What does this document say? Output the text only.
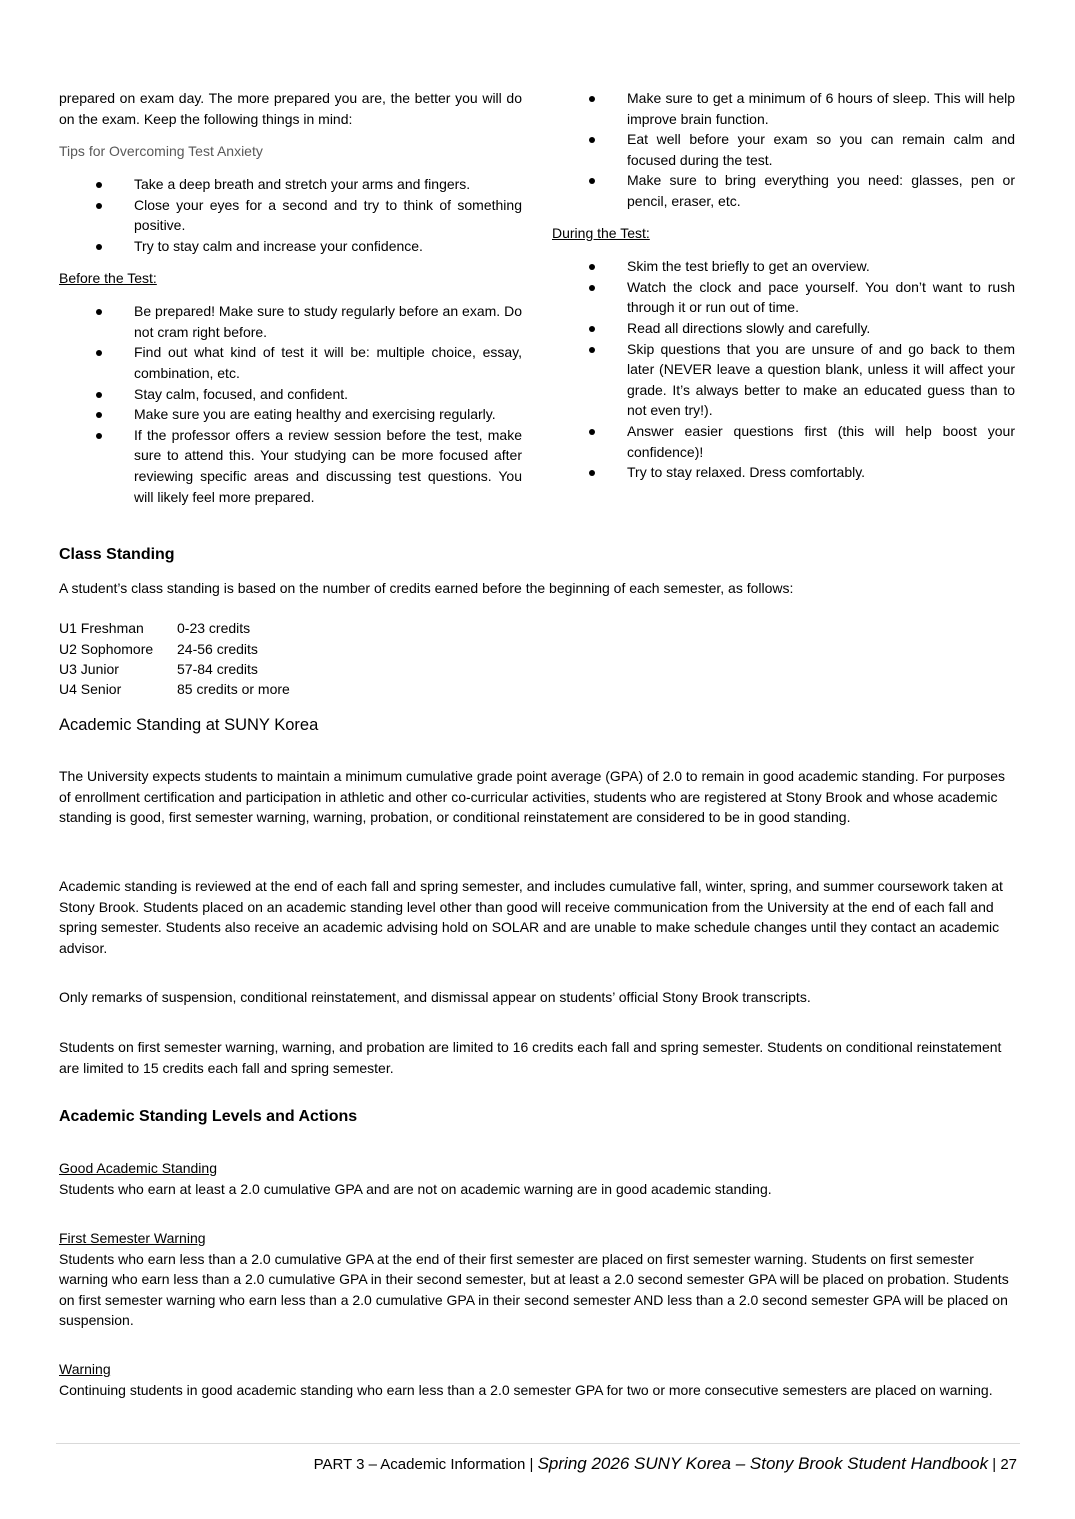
prepared on exam day. The more prepared you are, the better you will do on the exam. Keep the following things in mind:

Tips for Overcoming Test Anxiety

Take a deep breath and stretch your arms and fingers.
Close your eyes for a second and try to think of something positive.
Try to stay calm and increase your confidence.

Before the Test:

Be prepared! Make sure to study regularly before an exam. Do not cram right before.
Find out what kind of test it will be: multiple choice, essay, combination, etc.
Stay calm, focused, and confident.
Make sure you are eating healthy and exercising regularly.
If the professor offers a review session before the test, make sure to attend this. Your studying can be more focused after reviewing specific areas and discussing test questions. You will likely feel more prepared.
Make sure to get a minimum of 6 hours of sleep. This will help improve brain function.
Eat well before your exam so you can remain calm and focused during the test.
Make sure to bring everything you need: glasses, pen or pencil, eraser, etc.

During the Test:

Skim the test briefly to get an overview.
Watch the clock and pace yourself. You don’t want to rush through it or run out of time.
Read all directions slowly and carefully.
Skip questions that you are unsure of and go back to them later (NEVER leave a question blank, unless it will affect your grade. It’s always better to make an educated guess than to not even try!).
Answer easier questions first (this will help boost your confidence)!
Try to stay relaxed. Dress comfortably.

Class Standing

A student’s class standing is based on the number of credits earned before the beginning of each semester, as follows:

U1 Freshman	0-23 credits
U2 Sophomore	24-56 credits
U3 Junior	57-84 credits
U4 Senior	85 credits or more

Academic Standing at SUNY Korea

The University expects students to maintain a minimum cumulative grade point average (GPA) of 2.0 to remain in good academic standing. For purposes of enrollment certification and participation in athletic and other co-curricular activities, students who are registered at Stony Brook and whose academic standing is good, first semester warning, warning, probation, or conditional reinstatement are considered to be in good standing.

Academic standing is reviewed at the end of each fall and spring semester, and includes cumulative fall, winter, spring, and summer coursework taken at Stony Brook. Students placed on an academic standing level other than good will receive communication from the University at the end of each fall and spring semester. Students also receive an academic advising hold on SOLAR and are unable to make schedule changes until they contact an academic advisor.

Only remarks of suspension, conditional reinstatement, and dismissal appear on students’ official Stony Brook transcripts.

Students on first semester warning, warning, and probation are limited to 16 credits each fall and spring semester. Students on conditional reinstatement are limited to 15 credits each fall and spring semester.

Academic Standing Levels and Actions

Good Academic Standing

Students who earn at least a 2.0 cumulative GPA and are not on academic warning are in good academic standing.

First Semester Warning

Students who earn less than a 2.0 cumulative GPA at the end of their first semester are placed on first semester warning. Students on first semester warning who earn less than a 2.0 cumulative GPA in their second semester, but at least a 2.0 second semester GPA will be placed on probation. Students on first semester warning who earn less than a 2.0 cumulative GPA in their second semester AND less than a 2.0 second semester GPA will be placed on suspension.

Warning

Continuing students in good academic standing who earn less than a 2.0 semester GPA for two or more consecutive semesters are placed on warning.

PART 3 – Academic Information | Spring 2026 SUNY Korea – Stony Brook Student Handbook | 27
